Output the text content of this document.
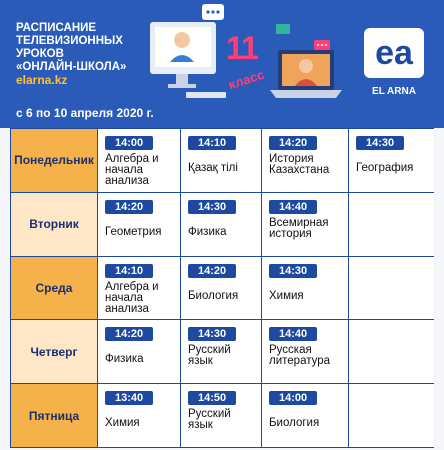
РАСПИСАНИЕ
ТЕЛЕВИЗИОННЫХ
УРОКОВ
«ОНЛАЙН-ШКОЛА»
elarna.kz
с 6 по 10 апреля 2020 г.
11
класс
ea
EL ARNA
Понедельник
14:00
Алгебра и
начала
анализа
14:10
Қазақ тілі
14:20
История
Казахстана
14:30
География
Вторник
14:20
Геометрия
14:30
Физика
14:40
Всемирная
история
Среда
14:10
Алгебра и
начала
анализа
14:20
Биология
14:30
Химия
Четверг
14:20
Физика
14:30
Русский
язык
14:40
Русская
литература
Пятница
13:40
Химия
14:50
Русский
язык
14:00
Биология
